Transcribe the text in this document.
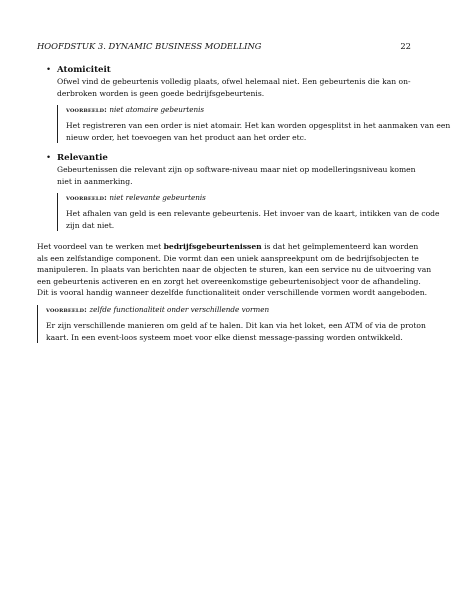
HOOFDSTUK 3. DYNAMIC BUSINESS MODELLING	22
• Atomiciteit
Ofwel vind de gebeurtenis volledig plaats, ofwel helemaal niet. Een gebeurtenis die kan on-
derbroken worden is geen goede bedrijfsgebeurtenis.
voorbeeld: niet atomaire gebeurtenis
Het registreren van een order is niet atomair. Het kan worden opgesplitst in het aanmaken van een
nieuw order, het toevoegen van het product aan het order etc.
• Relevantie
Gebeurtenissen die relevant zijn op software-niveau maar niet op modelleringsniveau komen
niet in aanmerking.
voorbeeld: niet relevante gebeurtenis
Het afhalen van geld is een relevante gebeurtenis. Het invoer van de kaart, intikken van de code
zijn dat niet.
Het voordeel van te werken met bedrijfsgebeurtenissen is dat het geïmplementeerd kan worden
als een zelfstandige component. Die vormt dan een uniek aanspreekpunt om de bedrijfsobjecten te
manipuleren. In plaats van berichten naar de objecten te sturen, kan een service nu de uitvoering van
een gebeurtenis activeren en en zorgt het overeenkomstige gebeurtenisobject voor de afhandeling.
Dit is vooral handig wanneer dezelfde functionaliteit onder verschillende vormen wordt aangeboden.
voorbeeld: zelfde functionaliteit onder verschillende vormen
Er zijn verschillende manieren om geld af te halen. Dit kan via het loket, een ATM of via de proton
kaart. In een event-loos systeem moet voor elke dienst message-passing worden ontwikkeld.
